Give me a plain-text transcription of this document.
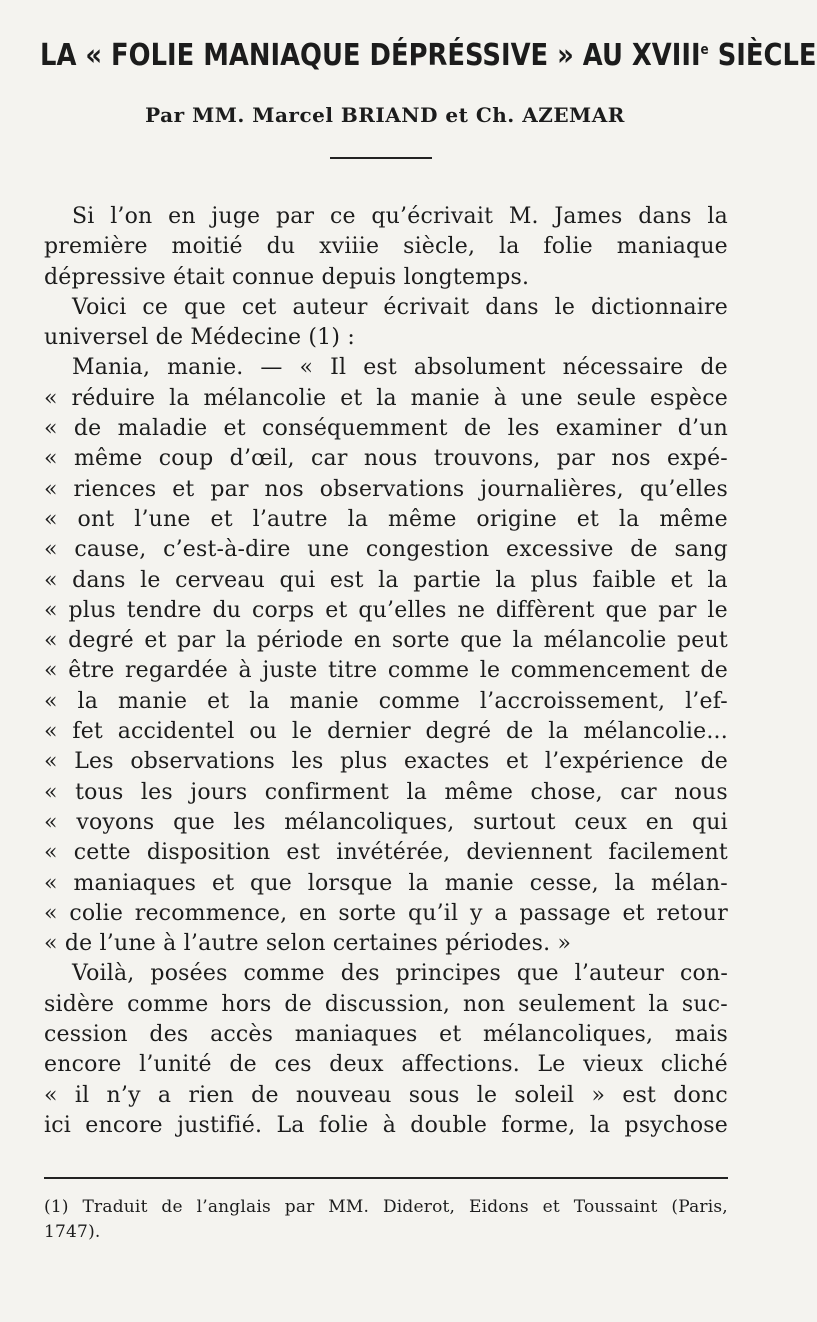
LA « FOLIE MANIAQUE DÉPRÉSSIVE » AU XVIIIe SIÈCLE
Par MM. Marcel BRIAND et Ch. AZEMAR
Si l’on en juge par ce qu’écrivait M. James dans la
première moitié du xviiie siècle, la folie maniaque
dépressive était connue depuis longtemps.
Voici ce que cet auteur écrivait dans le dictionnaire
universel de Médecine (1) :
Mania, manie. — « Il est absolument nécessaire de
« réduire la mélancolie et la manie à une seule espèce
« de maladie et conséquemment de les examiner d’un
« même coup d’œil, car nous trouvons, par nos expé-
« riences et par nos observations journalières, qu’elles
« ont l’une et l’autre la même origine et la même
« cause, c’est-à-dire une congestion excessive de sang
« dans le cerveau qui est la partie la plus faible et la
« plus tendre du corps et qu’elles ne diffèrent que par le
« degré et par la période en sorte que la mélancolie peut
« être regardée à juste titre comme le commencement de
« la manie et la manie comme l’accroissement, l’ef-
« fet accidentel ou le dernier degré de la mélancolie...
« Les observations les plus exactes et l’expérience de
« tous les jours confirment la même chose, car nous
« voyons que les mélancoliques, surtout ceux en qui
« cette disposition est invétérée, deviennent facilement
« maniaques et que lorsque la manie cesse, la mélan-
« colie recommence, en sorte qu’il y a passage et retour
« de l’une à l’autre selon certaines périodes. »
Voilà, posées comme des principes que l’auteur con-
sidère comme hors de discussion, non seulement la suc-
cession des accès maniaques et mélancoliques, mais
encore l’unité de ces deux affections. Le vieux cliché
« il n’y a rien de nouveau sous le soleil » est donc
ici encore justifié. La folie à double forme, la psychose
(1) Traduit de l’anglais par MM. Diderot, Eidons et Toussaint (Paris,
1747).
